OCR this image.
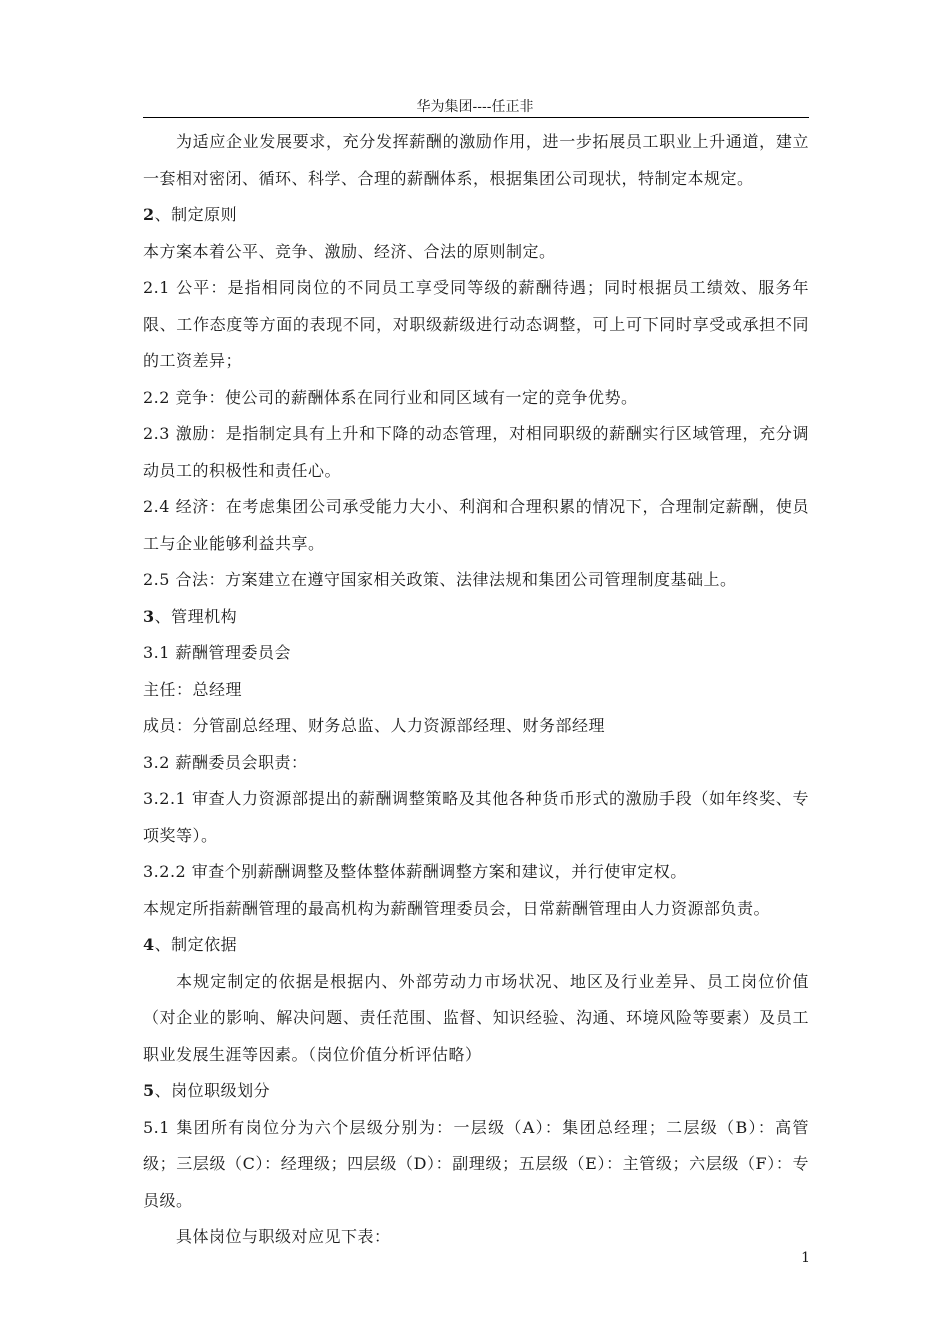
华为集团----任正非

为适应企业发展要求，充分发挥薪酬的激励作用，进一步拓展员工职业上升通道，建立一套相对密闭、循环、科学、合理的薪酬体系，根据集团公司现状，特制定本规定。

2、制定原则

本方案本着公平、竞争、激励、经济、合法的原则制定。

2.1 公平：是指相同岗位的不同员工享受同等级的薪酬待遇；同时根据员工绩效、服务年限、工作态度等方面的表现不同，对职级薪级进行动态调整，可上可下同时享受或承担不同的工资差异；

2.2 竞争：使公司的薪酬体系在同行业和同区域有一定的竞争优势。

2.3 激励：是指制定具有上升和下降的动态管理，对相同职级的薪酬实行区域管理，充分调动员工的积极性和责任心。

2.4 经济：在考虑集团公司承受能力大小、利润和合理积累的情况下，合理制定薪酬，使员工与企业能够利益共享。

2.5 合法：方案建立在遵守国家相关政策、法律法规和集团公司管理制度基础上。

3、管理机构

3.1 薪酬管理委员会

主任：总经理

成员：分管副总经理、财务总监、人力资源部经理、财务部经理

3.2 薪酬委员会职责：

3.2.1 审查人力资源部提出的薪酬调整策略及其他各种货币形式的激励手段（如年终奖、专项奖等）。

3.2.2 审查个别薪酬调整及整体整体薪酬调整方案和建议，并行使审定权。

本规定所指薪酬管理的最高机构为薪酬管理委员会，日常薪酬管理由人力资源部负责。

4、制定依据

本规定制定的依据是根据内、外部劳动力市场状况、地区及行业差异、员工岗位价值（对企业的影响、解决问题、责任范围、监督、知识经验、沟通、环境风险等要素）及员工职业发展生涯等因素。（岗位价值分析评估略）

5、岗位职级划分

5.1 集团所有岗位分为六个层级分别为：一层级（A）：集团总经理；二层级（B）：高管级；三层级（C）：经理级；四层级（D）：副理级；五层级（E）：主管级；六层级（F）：专员级。

具体岗位与职级对应见下表：

1
